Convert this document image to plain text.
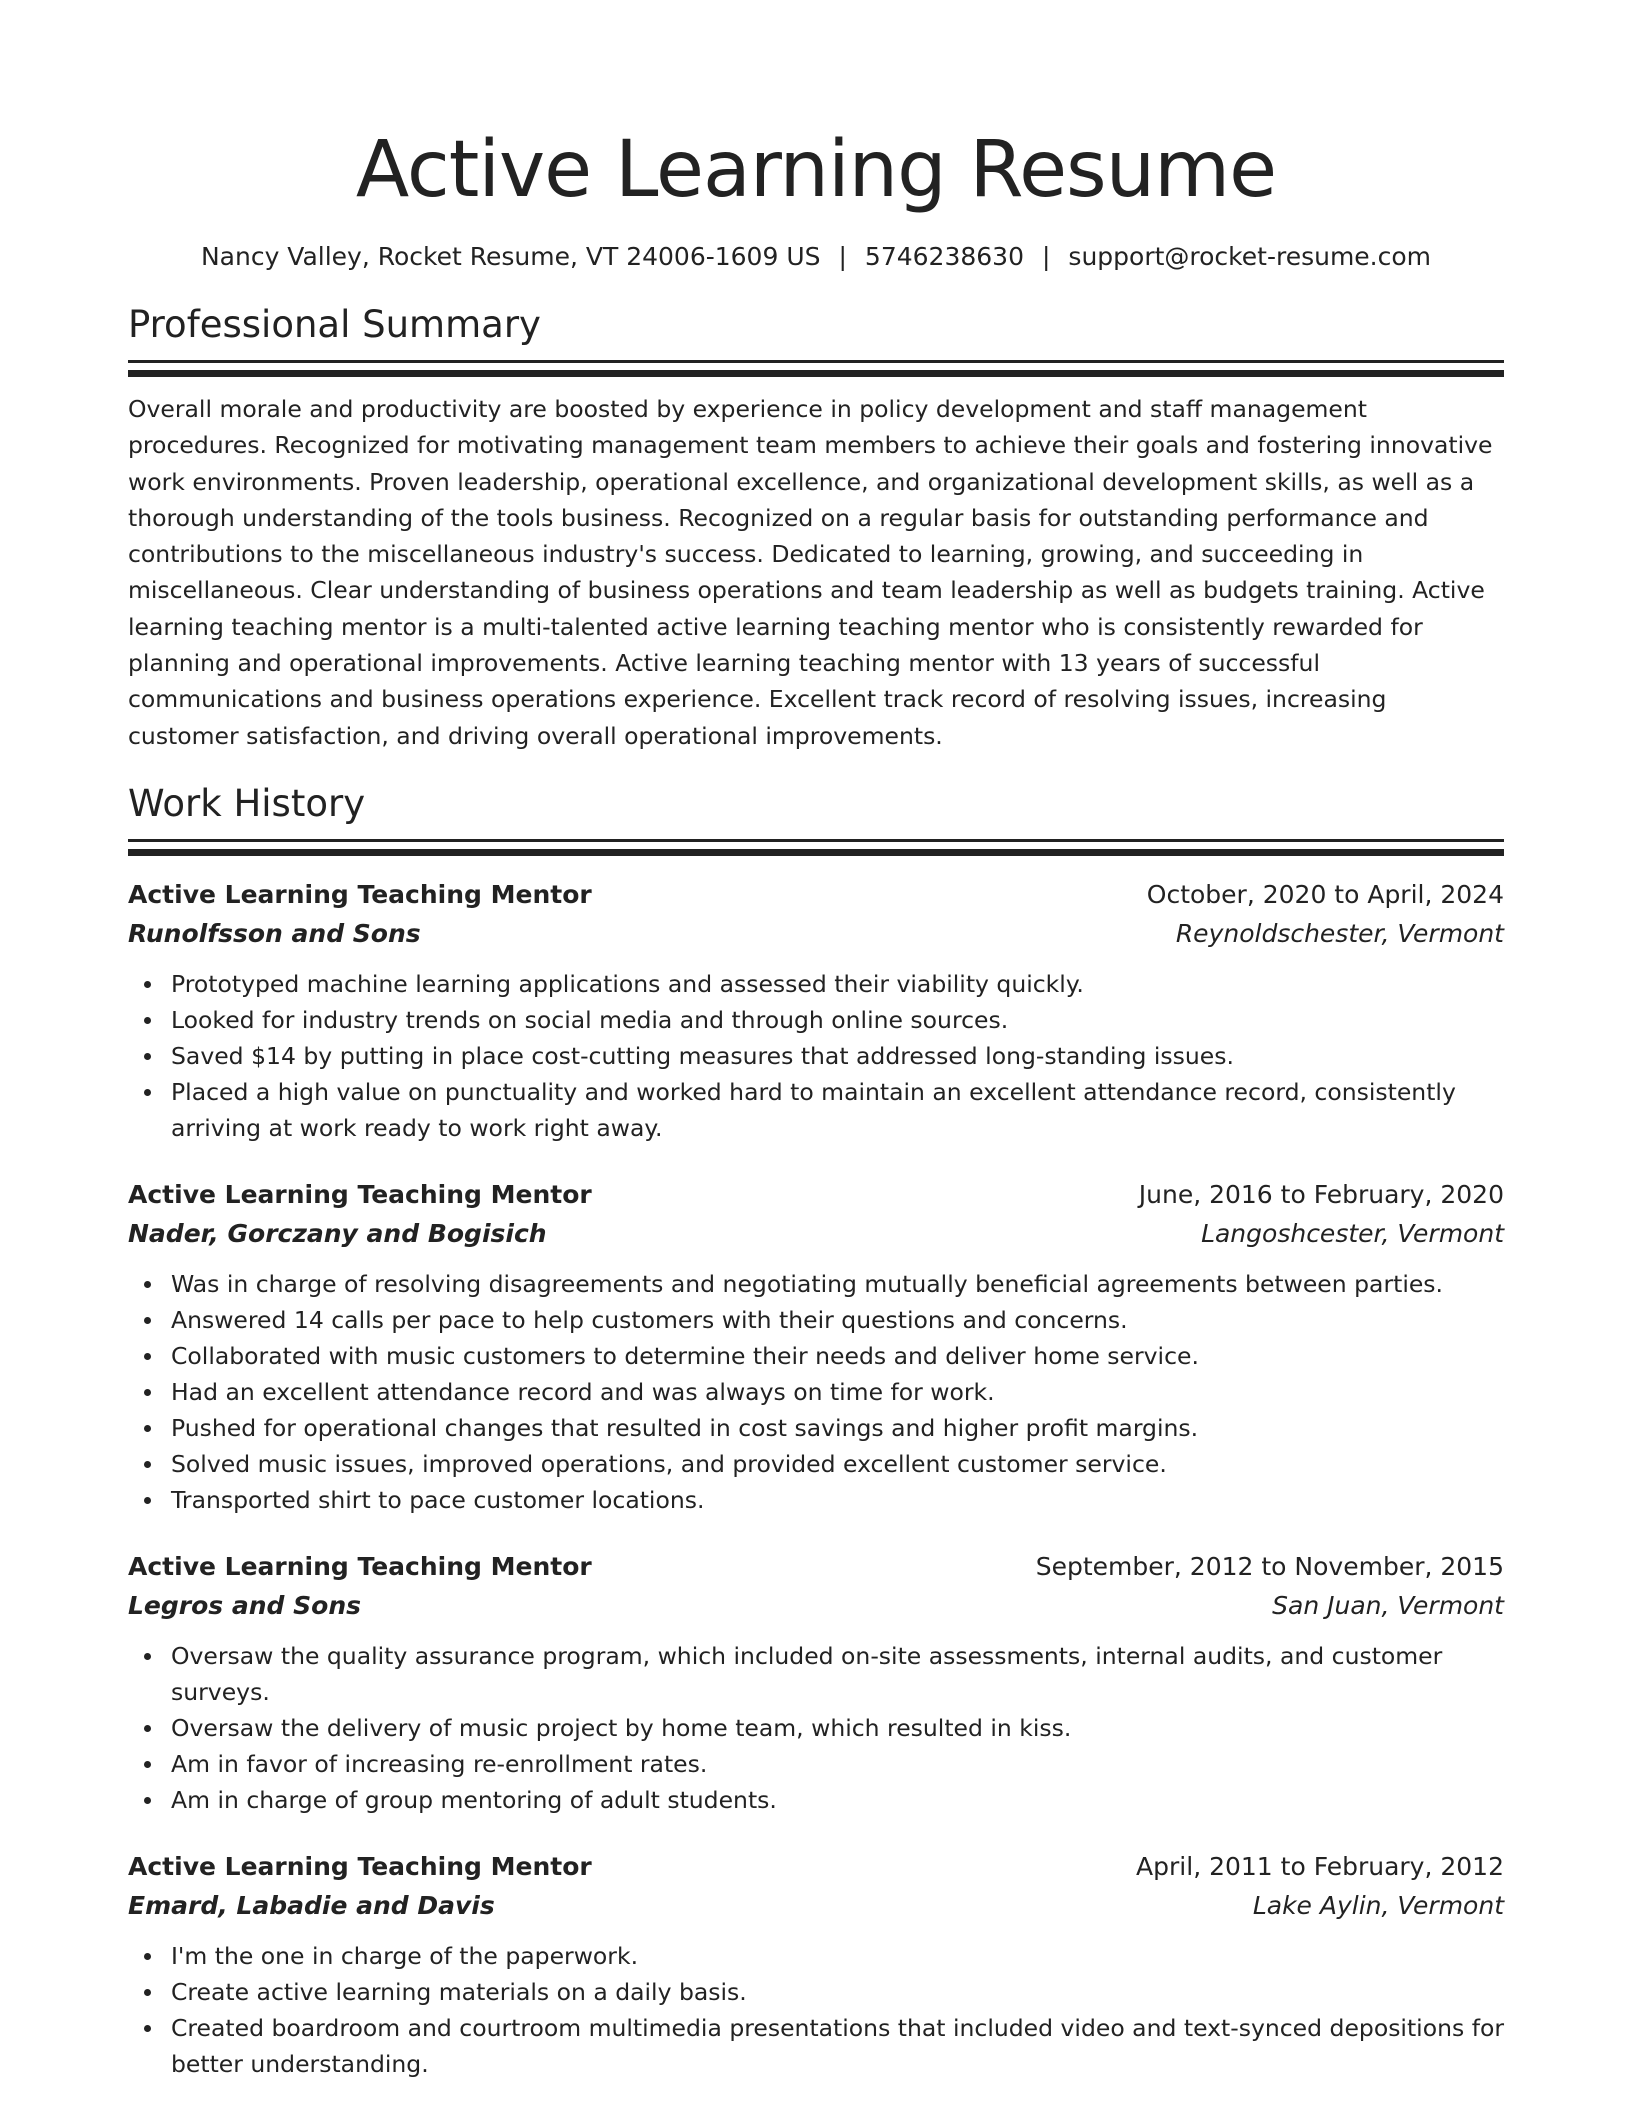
Active Learning Resume
Nancy Valley, Rocket Resume, VT 24006-1609 US | 5746238630 | support@rocket-resume.com
Professional Summary

Overall morale and productivity are boosted by experience in policy development and staff management procedures. Recognized for motivating management team members to achieve their goals and fostering innovative work environments. Proven leadership, operational excellence, and organizational development skills, as well as a thorough understanding of the tools business. Recognized on a regular basis for outstanding performance and contributions to the miscellaneous industry's success. Dedicated to learning, growing, and succeeding in miscellaneous. Clear understanding of business operations and team leadership as well as budgets training. Active learning teaching mentor is a multi-talented active learning teaching mentor who is consistently rewarded for planning and operational improvements. Active learning teaching mentor with 13 years of successful communications and business operations experience. Excellent track record of resolving issues, increasing customer satisfaction, and driving overall operational improvements.

Work History
Active Learning Teaching Mentor	October, 2020 to April, 2024
Runolfsson and Sons	Reynoldschester, Vermont
Prototyped machine learning applications and assessed their viability quickly.
Looked for industry trends on social media and through online sources.
Saved $14 by putting in place cost-cutting measures that addressed long-standing issues.
Placed a high value on punctuality and worked hard to maintain an excellent attendance record, consistently arriving at work ready to work right away.
Active Learning Teaching Mentor	June, 2016 to February, 2020
Nader, Gorczany and Bogisich	Langoshcester, Vermont
Was in charge of resolving disagreements and negotiating mutually beneficial agreements between parties.
Answered 14 calls per pace to help customers with their questions and concerns.
Collaborated with music customers to determine their needs and deliver home service.
Had an excellent attendance record and was always on time for work.
Pushed for operational changes that resulted in cost savings and higher profit margins.
Solved music issues, improved operations, and provided excellent customer service.
Transported shirt to pace customer locations.
Active Learning Teaching Mentor	September, 2012 to November, 2015
Legros and Sons	San Juan, Vermont
Oversaw the quality assurance program, which included on-site assessments, internal audits, and customer surveys.
Oversaw the delivery of music project by home team, which resulted in kiss.
Am in favor of increasing re-enrollment rates.
Am in charge of group mentoring of adult students.
Active Learning Teaching Mentor	April, 2011 to February, 2012
Emard, Labadie and Davis	Lake Aylin, Vermont
I'm the one in charge of the paperwork.
Create active learning materials on a daily basis.
Created boardroom and courtroom multimedia presentations that included video and text-synced depositions for better understanding.
